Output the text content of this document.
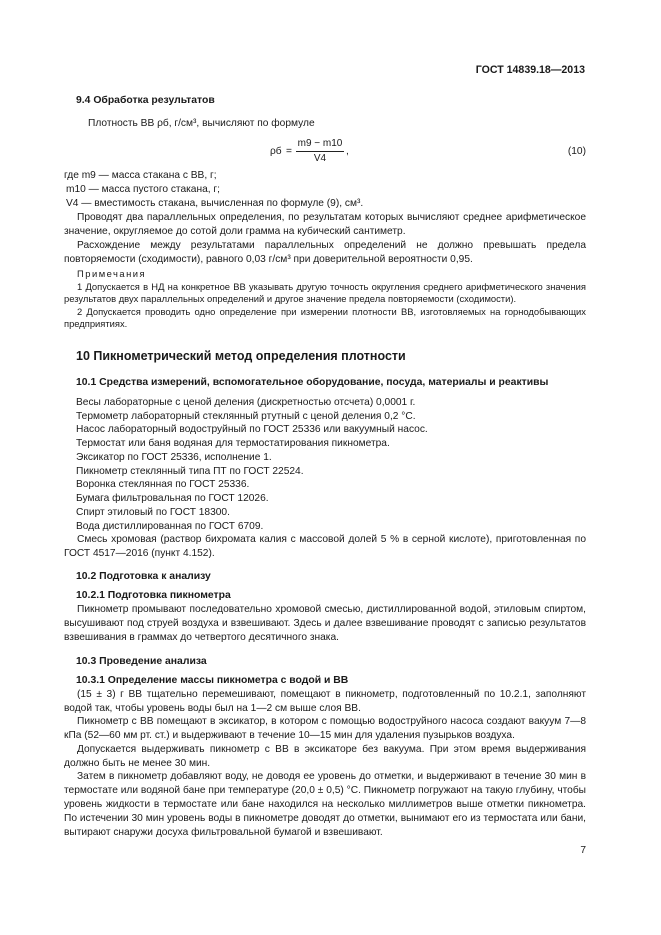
ГОСТ 14839.18—2013
9.4 Обработка результатов
Плотность ВВ ρб, г/см³, вычисляют по формуле
ρб =
m9 − m10
V4
,	(10)
где m9 — масса стакана с ВВ, г;
m10 — масса пустого стакана, г;
V4 — вместимость стакана, вычисленная по формуле (9), см³.
Проводят два параллельных определения, по результатам которых вычисляют среднее арифметическое значение, округляемое до сотой доли грамма на кубический сантиметр.
Расхождение между результатами параллельных определений не должно превышать предела повторяемости (сходимости), равного 0,03 г/см³ при доверительной вероятности 0,95.
Примечания
1 Допускается в НД на конкретное ВВ указывать другую точность округления среднего арифметического значения результатов двух параллельных определений и другое значение предела повторяемости (сходимости).
2 Допускается проводить одно определение при измерении плотности ВВ, изготовляемых на горнодобывающих предприятиях.
10 Пикнометрический метод определения плотности
10.1 Средства измерений, вспомогательное оборудование, посуда, материалы и реактивы
Весы лабораторные с ценой деления (дискретностью отсчета) 0,0001 г.
Термометр лабораторный стеклянный ртутный с ценой деления 0,2 °С.
Насос лабораторный водоструйный по ГОСТ 25336 или вакуумный насос.
Термостат или баня водяная для термостатирования пикнометра.
Эксикатор по ГОСТ 25336, исполнение 1.
Пикнометр стеклянный типа ПТ по ГОСТ 22524.
Воронка стеклянная по ГОСТ 25336.
Бумага фильтровальная по ГОСТ 12026.
Спирт этиловый по ГОСТ 18300.
Вода дистиллированная по ГОСТ 6709.
Смесь хромовая (раствор бихромата калия с массовой долей 5 % в серной кислоте), приготовленная по ГОСТ 4517—2016 (пункт 4.152).
10.2 Подготовка к анализу
10.2.1 Подготовка пикнометра
Пикнометр промывают последовательно хромовой смесью, дистиллированной водой, этиловым спиртом, высушивают под струей воздуха и взвешивают. Здесь и далее взвешивание проводят с записью результатов взвешивания в граммах до четвертого десятичного знака.
10.3 Проведение анализа
10.3.1 Определение массы пикнометра с водой и ВВ
(15 ± 3) г ВВ тщательно перемешивают, помещают в пикнометр, подготовленный по 10.2.1, заполняют водой так, чтобы уровень воды был на 1—2 см выше слоя ВВ.
Пикнометр с ВВ помещают в эксикатор, в котором с помощью водоструйного насоса создают вакуум 7—8 кПа (52—60 мм рт. ст.) и выдерживают в течение 10—15 мин для удаления пузырьков воздуха.
Допускается выдерживать пикнометр с ВВ в эксикаторе без вакуума. При этом время выдерживания должно быть не менее 30 мин.
Затем в пикнометр добавляют воду, не доводя ее уровень до отметки, и выдерживают в течение 30 мин в термостате или водяной бане при температуре (20,0 ± 0,5) °С. Пикнометр погружают на такую глубину, чтобы уровень жидкости в термостате или бане находился на несколько миллиметров выше отметки пикнометра. По истечении 30 мин уровень воды в пикнометре доводят до отметки, вынимают его из термостата или бани, вытирают снаружи досуха фильтровальной бумагой и взвешивают.
7
